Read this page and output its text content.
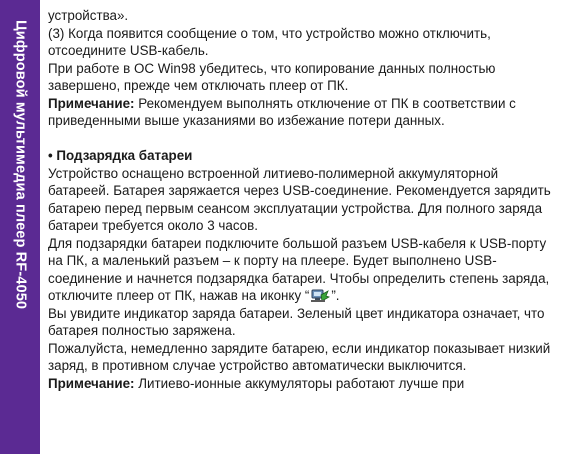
Цифровой мультимедиа плеер RF-4050

устройства».

(3) Когда появится сообщение о том, что устройство можно отключить, отсоедините USB-кабель.

При работе в ОС Win98 убедитесь, что копирование данных полностью завершено, прежде чем отключать плеер от ПК.

Примечание: Рекомендуем выполнять отключение от ПК в соответствии с приведенными выше указаниями во избежание потери данных.

• Подзарядка батареи

Устройство оснащено встроенной литиево-полимерной аккумуляторной батареей. Батарея заряжается через USB-соединение. Рекомендуется зарядить батарею перед первым сеансом эксплуатации устройства. Для полного заряда батареи требуется около 3 часов.

Для подзарядки батареи подключите большой разъем USB-кабеля к USB-порту на ПК, а маленький разъем – к порту на плеере. Будет выполнено USB-соединение и начнется подзарядка батареи. Чтобы определить степень заряда, отключите плеер от ПК, нажав на иконку “ ”.

Вы увидите индикатор заряда батареи. Зеленый цвет индикатора означает, что батарея полностью заряжена.

Пожалуйста, немедленно зарядите батарею, если индикатор показывает низкий заряд, в противном случае устройство автоматически выключится.

Примечание: Литиево-ионные аккумуляторы работают лучше при
